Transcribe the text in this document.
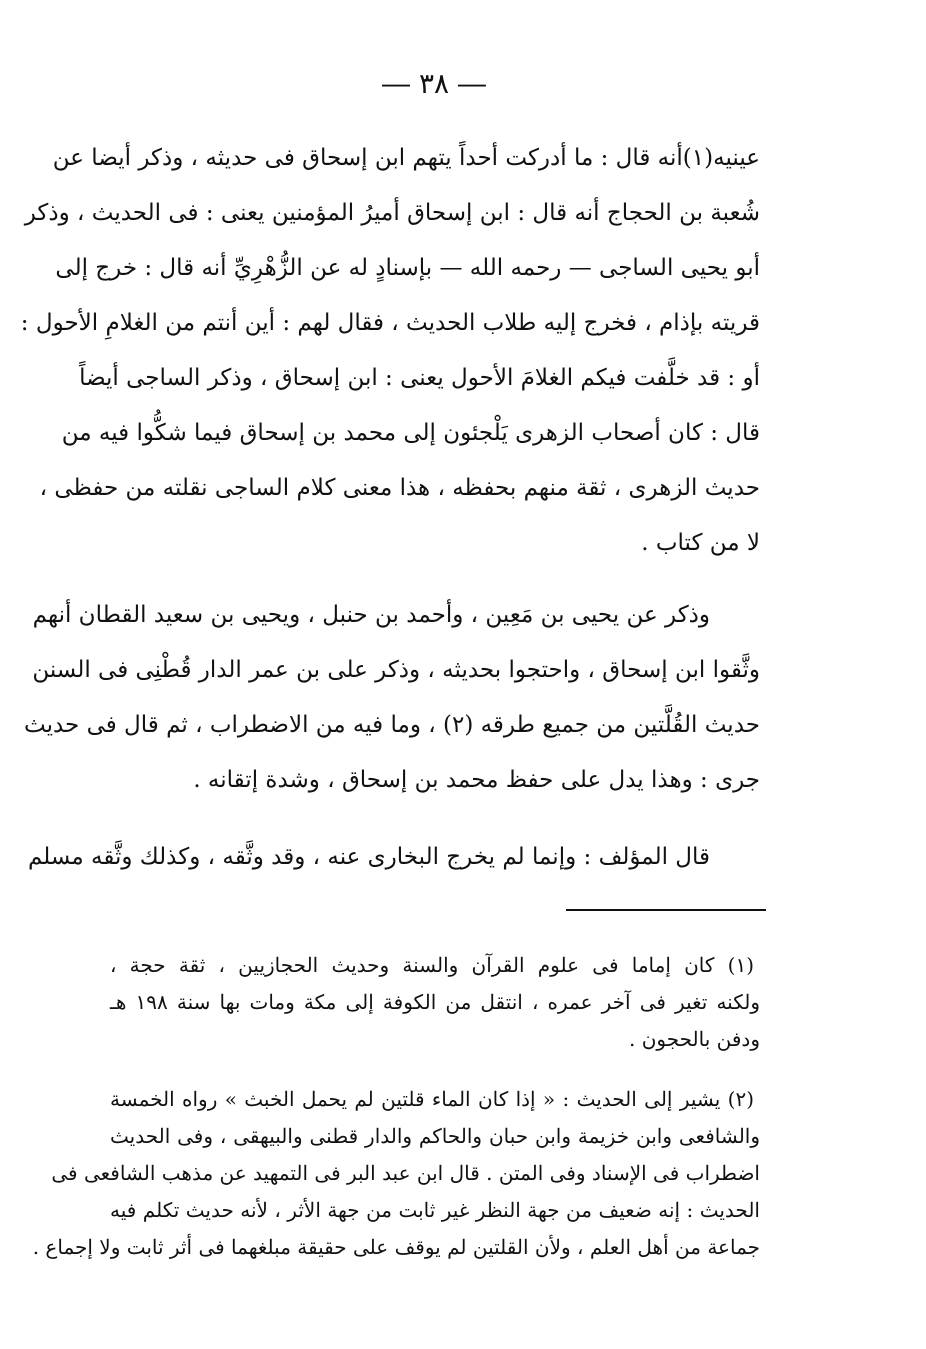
― ٣٨ ―
عينيه(١)أنه قال : ما أدركت أحداً يتهم ابن إسحاق فى حديثه ، وذكر أيضا عن
شُعبة بن الحجاج أنه قال : ابن إسحاق أميرُ المؤمنين يعنى : فى الحديث ، وذكر
أبو يحيى الساجى — رحمه الله — بإسنادٍ له عن الزُّهْرِيِّ أنه قال : خرج إلى
قريته بإذام ، فخرج إليه طلاب الحديث ، فقال لهم : أين أنتم من الغلامِ الأحول :
أو : قد خلَّفت فيكم الغلامَ الأحول يعنى : ابن إسحاق ، وذكر الساجى أيضاً
قال : كان أصحاب الزهرى يَلْجئون إلى محمد بن إسحاق فيما شكُّوا فيه من
حديث الزهرى ، ثقة منهم بحفظه ، هذا معنى كلام الساجى نقلته من حفظى ،
لا من كتاب .
وذكر عن يحيى بن مَعِين ، وأحمد بن حنبل ، ويحيى بن سعيد القطان أنهم
وثَّقوا ابن إسحاق ، واحتجوا بحديثه ، وذكر على بن عمر الدار قُطْنِى فى السنن
حديث القُلَّتين من جميع طرقه (٢) ، وما فيه من الاضطراب ، ثم قال فى حديث
جرى : وهذا يدل على حفظ محمد بن إسحاق ، وشدة إتقانه .
قال المؤلف : وإنما لم يخرج البخارى عنه ، وقد وثَّقه ، وكذلك وثَّقه مسلم
(١) كان إماما فى علوم القرآن والسنة وحديث الحجازيين ، ثقة حجة ،
ولكنه تغير فى آخر عمره ، انتقل من الكوفة إلى مكة ومات بها سنة ١٩٨ هـ
ودفن بالحجون .
(٢) يشير إلى الحديث : « إذا كان الماء قلتين لم يحمل الخبث » رواه الخمسة
والشافعى وابن خزيمة وابن حبان والحاكم والدار قطنى والبيهقى ، وفى الحديث
اضطراب فى الإسناد وفى المتن . قال ابن عبد البر فى التمهيد عن مذهب الشافعى فى
الحديث : إنه ضعيف من جهة النظر غير ثابت من جهة الأثر ، لأنه حديث تكلم فيه
جماعة من أهل العلم ، ولأن القلتين لم يوقف على حقيقة مبلغهما فى أثر ثابت ولا إجماع .
